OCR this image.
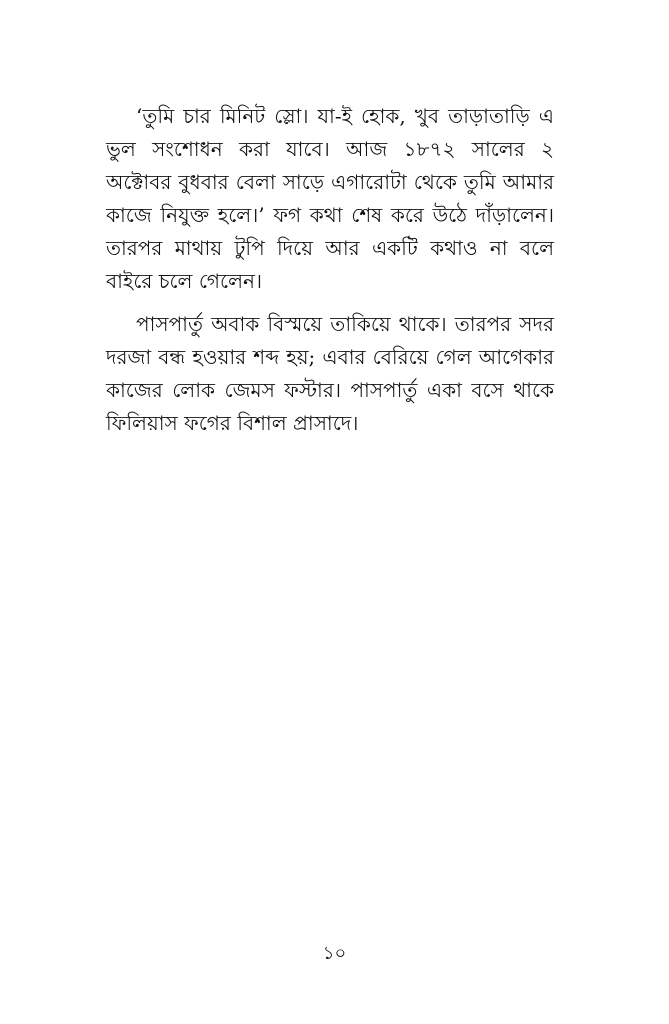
‘তুমি চার মিনিট স্লো। যা-ই হোক, খুব তাড়াতাড়ি এ ভুল সংশোধন করা যাবে। আজ ১৮৭২ সালের ২ অক্টোবর বুধবার বেলা সাড়ে এগারোটা থেকে তুমি আমার কাজে নিযুক্ত হলে।’ ফগ কথা শেষ করে উঠে দাঁড়ালেন। তারপর মাথায় টুপি দিয়ে আর একটি কথাও না বলে বাইরে চলে গেলেন।

পাসপার্তু অবাক বিস্ময়ে তাকিয়ে থাকে। তারপর সদর দরজা বন্ধ হওয়ার শব্দ হয়; এবার বেরিয়ে গেল আগেকার কাজের লোক জেমস ফস্টার। পাসপার্তু একা বসে থাকে ফিলিয়াস ফগের বিশাল প্রাসাদে।

১০
